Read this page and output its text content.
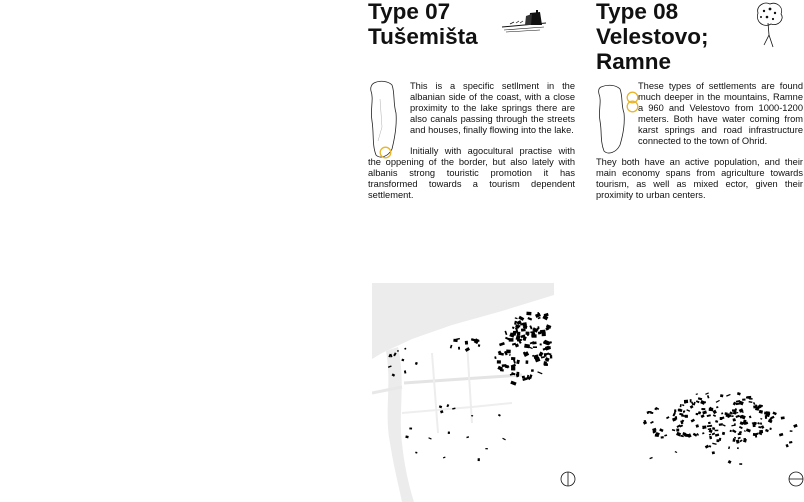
Type 07
Tušemišta

This is a specific setllment in the albanian side of the coast, with a close proximity to the lake springs there are also canals passing through the streets and houses, finally flowing into the lake.

Initially with agocultural practise with the oppening of the border, but also lately with albanis strong touristic promotion it has transformed towards a tourism dependent settlement.

Type 08
Velestovo;
Ramne

These types of settlements are found much deeper in the mountains, Ramne a 960 and Velestovo from 1000-1200 meters. Both have water coming from karst springs and road infrastructure connected to the town of Ohrid.

They both have an active population, and their main economy spans from agriculture towards tourism, as well as mixed ector, given their proximity to urban centers.
